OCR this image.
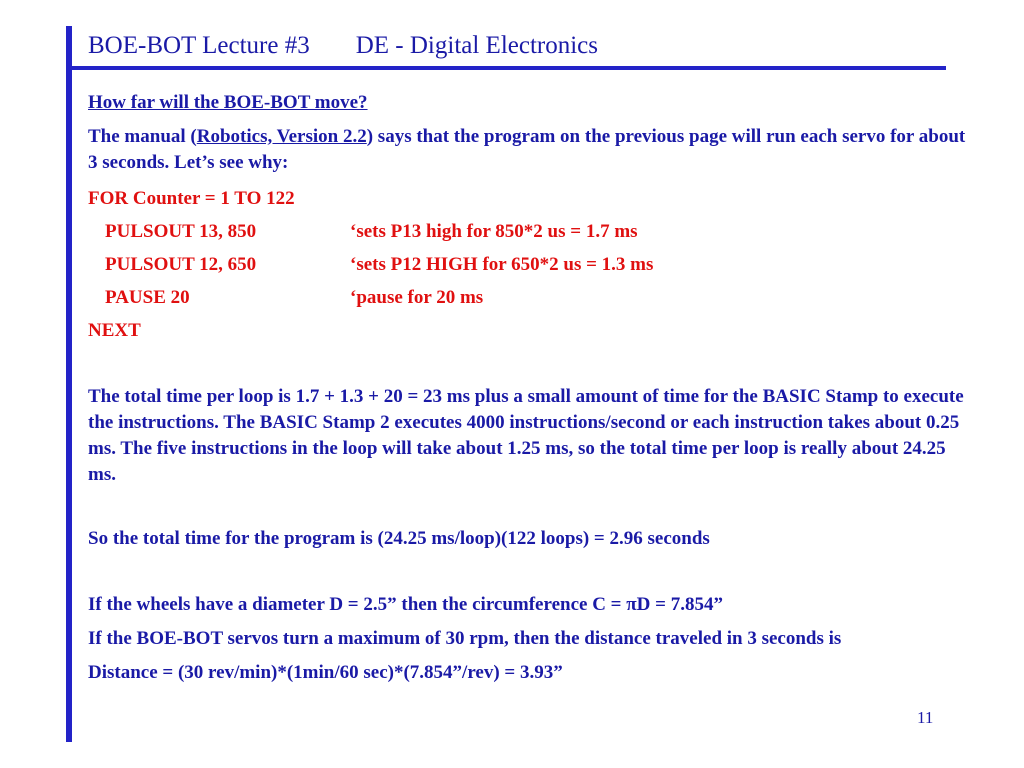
BOE-BOT Lecture #3 DE - Digital Electronics

How far will the BOE-BOT move?

The manual (Robotics, Version 2.2) says that the program on the previous page will run each servo for about 3 seconds. Let’s see why:

FOR Counter = 1 TO 122
PULSOUT 13, 850	‘sets P13 high for 850*2 us = 1.7 ms
PULSOUT 12, 650	‘sets P12 HIGH for 650*2 us = 1.3 ms
PAUSE 20	‘pause for 20 ms
NEXT

The total time per loop is 1.7 + 1.3 + 20 = 23 ms plus a small amount of time for the BASIC Stamp to execute the instructions. The BASIC Stamp 2 executes 4000 instructions/second or each instruction takes about 0.25 ms. The five instructions in the loop will take about 1.25 ms, so the total time per loop is really about 24.25 ms.

So the total time for the program is (24.25 ms/loop)(122 loops) = 2.96 seconds

If the wheels have a diameter D = 2.5” then the circumference C = πD = 7.854”

If the BOE-BOT servos turn a maximum of 30 rpm, then the distance traveled in 3 seconds is

Distance = (30 rev/min)*(1min/60 sec)*(7.854”/rev) = 3.93”

11
